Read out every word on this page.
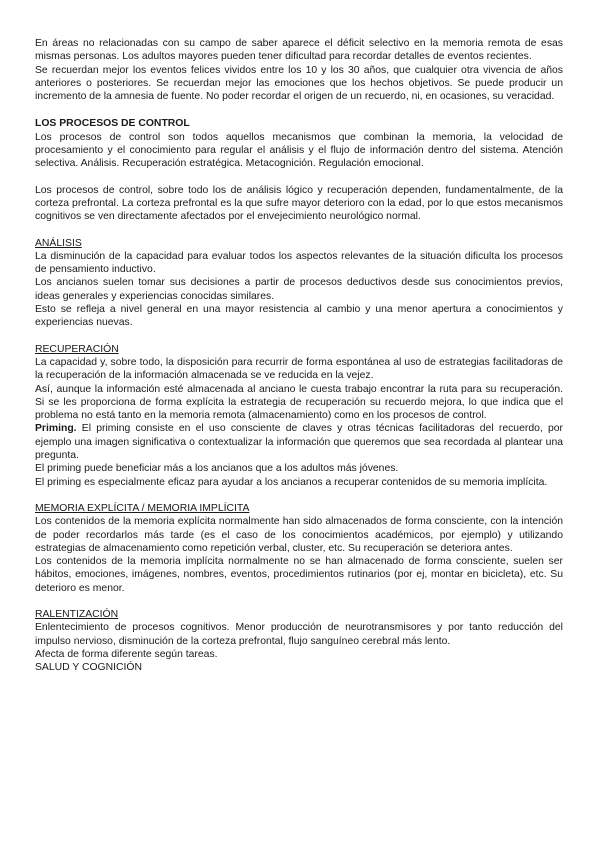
En áreas no relacionadas con su campo de saber aparece el déficit selectivo en la memoria remota de esas mismas personas. Los adultos mayores pueden tener dificultad para recordar detalles de eventos recientes.

Se recuerdan mejor los eventos felices vividos entre los 10 y los 30 años, que cualquier otra vivencia de años anteriores o posteriores. Se recuerdan mejor las emociones que los hechos objetivos. Se puede producir un incremento de la amnesia de fuente. No poder recordar el origen de un recuerdo, ni, en ocasiones, su veracidad.

LOS PROCESOS DE CONTROL

Los procesos de control son todos aquellos mecanismos que combinan la memoria, la velocidad de procesamiento y el conocimiento para regular el análisis y el flujo de información dentro del sistema. Atención selectiva. Análisis. Recuperación estratégica. Metacognición. Regulación emocional.

Los procesos de control, sobre todo los de análisis lógico y recuperación dependen, fundamentalmente, de la corteza prefrontal. La corteza prefrontal es la que sufre mayor deterioro con la edad, por lo que estos mecanismos cognitivos se ven directamente afectados por el envejecimiento neurológico normal.

ANÁLISIS

La disminución de la capacidad para evaluar todos los aspectos relevantes de la situación dificulta los procesos de pensamiento inductivo.

Los ancianos suelen tomar sus decisiones a partir de procesos deductivos desde sus conocimientos previos, ideas generales y experiencias conocidas similares.

Esto se refleja a nivel general en una mayor resistencia al cambio y una menor apertura a conocimientos y experiencias nuevas.

RECUPERACIÓN

La capacidad y, sobre todo, la disposición para recurrir de forma espontánea al uso de estrategias facilitadoras de la recuperación de la información almacenada se ve reducida en la vejez.

Así, aunque la información esté almacenada al anciano le cuesta trabajo encontrar la ruta para su recuperación. Si se les proporciona de forma explícita la estrategia de recuperación su recuerdo mejora, lo que indica que el problema no está tanto en la memoria remota (almacenamiento) como en los procesos de control.

Priming. El priming consiste en el uso consciente de claves y otras técnicas facilitadoras del recuerdo, por ejemplo una imagen significativa o contextualizar la información que queremos que sea recordada al plantear una pregunta.

El priming puede beneficiar más a los ancianos que a los adultos más jóvenes.

El priming es especialmente eficaz para ayudar a los ancianos a recuperar contenidos de su memoria implícita.

MEMORIA EXPLÍCITA / MEMORIA IMPLÍCITA

Los contenidos de la memoria explícita normalmente han sido almacenados de forma consciente, con la intención de poder recordarlos más tarde (es el caso de los conocimientos académicos, por ejemplo) y utilizando estrategias de almacenamiento como repetición verbal, cluster, etc. Su recuperación se deteriora antes.

Los contenidos de la memoria implícita normalmente no se han almacenado de forma consciente, suelen ser hábitos, emociones, imágenes, nombres, eventos, procedimientos rutinarios (por ej, montar en bicicleta), etc. Su deterioro es menor.

RALENTIZACIÓN

Enlentecimiento de procesos cognitivos. Menor producción de neurotransmisores y por tanto reducción del impulso nervioso, disminución de la corteza prefrontal, flujo sanguíneo cerebral más lento.

Afecta de forma diferente según tareas.

SALUD Y COGNICIÓN
